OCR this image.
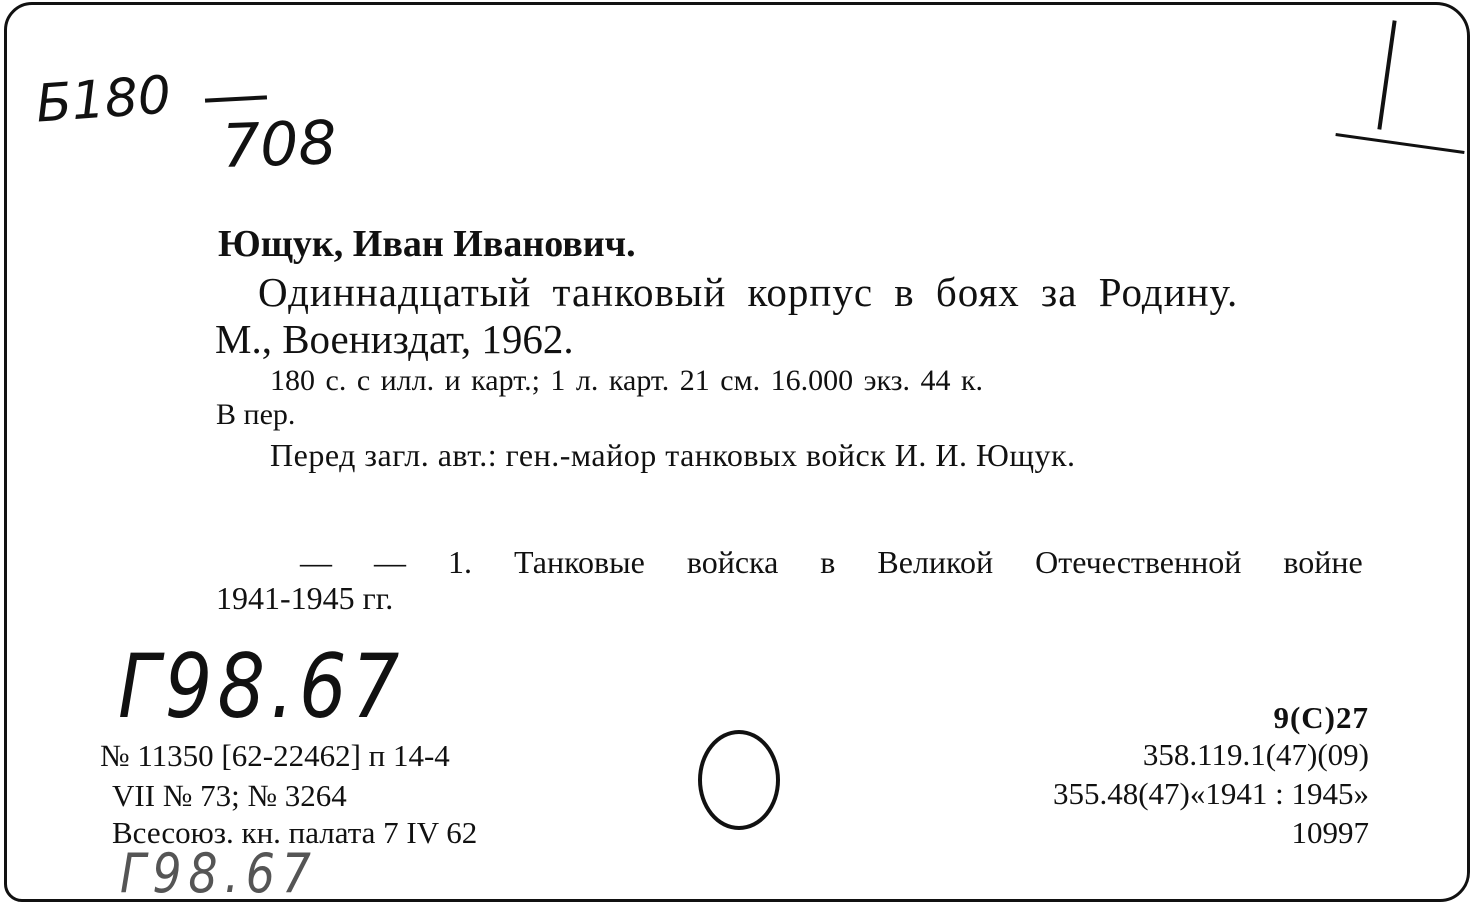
Б180
708
Ющук, Иван Иванович.
Одиннадцатый танковый корпус в боях за Родину.
М., Воениздат, 1962.
180 с. с илл. и карт.; 1 л. карт. 21 см. 16.000 экз. 44 к.
В пер.
Перед загл. авт.: ген.-майор танковых войск И. И. Ющук.
— — 1. Танковые войска в Великой Отечественной войне
1941-1945 гг.
Г98.67
Г98.67
№ 11350 [62-22462] п 14-4
VII № 73; № 3264
Всесоюз. кн. палата 7 IV 62
9(С)27
358.119.1(47)(09)
355.48(47)«1941 : 1945»
10997
